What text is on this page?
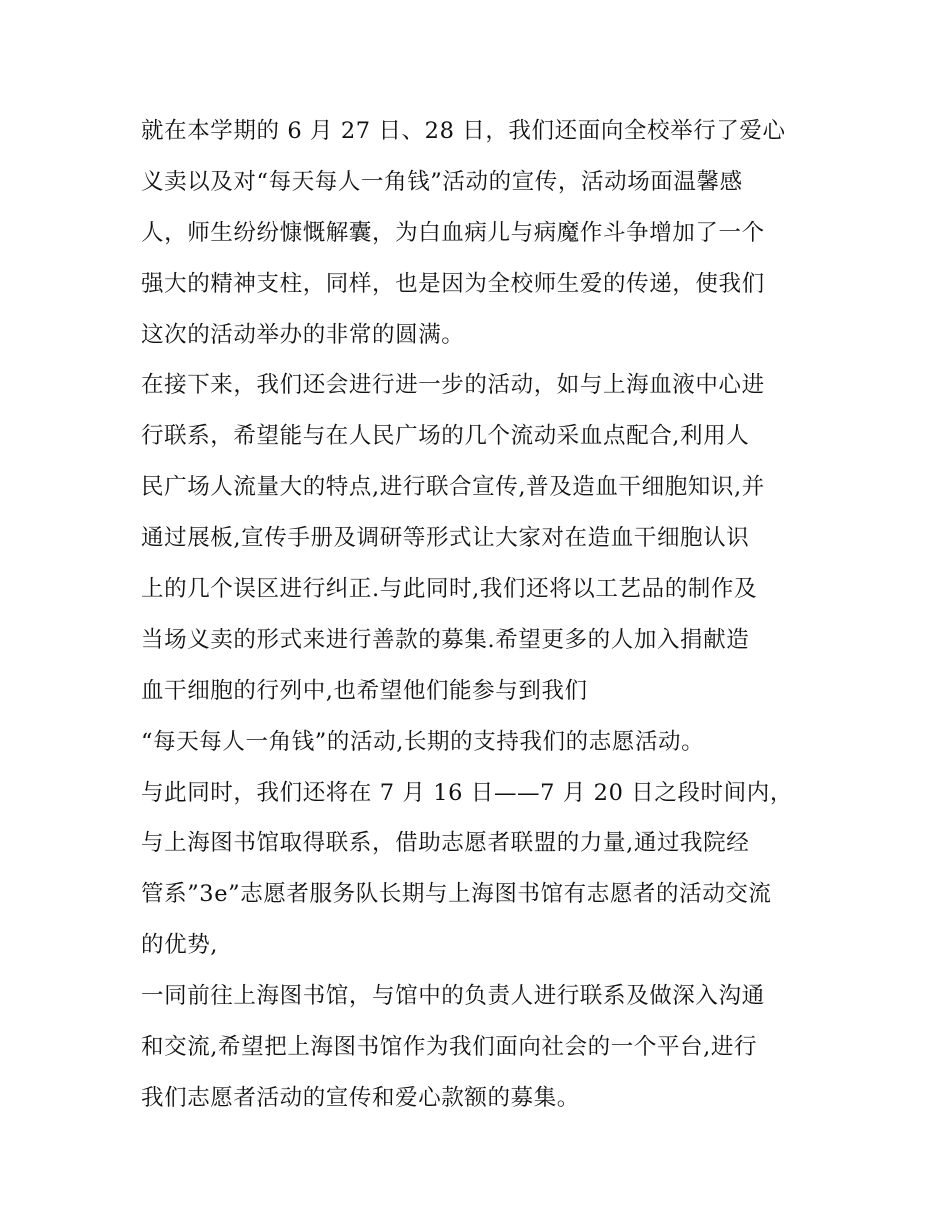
就在本学期的 6 月 27 日、28 日，我们还面向全校举行了爱心
义卖以及对“每天每人一角钱”活动的宣传，活动场面温馨感
人，师生纷纷慷慨解囊，为白血病儿与病魔作斗争增加了一个
强大的精神支柱，同样，也是因为全校师生爱的传递，使我们
这次的活动举办的非常的圆满。
在接下来，我们还会进行进一步的活动，如与上海血液中心进
行联系，希望能与在人民广场的几个流动采血点配合,利用人
民广场人流量大的特点,进行联合宣传,普及造血干细胞知识,并
通过展板,宣传手册及调研等形式让大家对在造血干细胞认识
上的几个误区进行纠正.与此同时,我们还将以工艺品的制作及
当场义卖的形式来进行善款的募集.希望更多的人加入捐献造
血干细胞的行列中,也希望他们能参与到我们
“每天每人一角钱”的活动,长期的支持我们的志愿活动。
与此同时，我们还将在 7 月 16 日——7 月 20 日之段时间内，
与上海图书馆取得联系，借助志愿者联盟的力量,通过我院经
管系”3e”志愿者服务队长期与上海图书馆有志愿者的活动交流
的优势,
一同前往上海图书馆，与馆中的负责人进行联系及做深入沟通
和交流,希望把上海图书馆作为我们面向社会的一个平台,进行
我们志愿者活动的宣传和爱心款额的募集。
